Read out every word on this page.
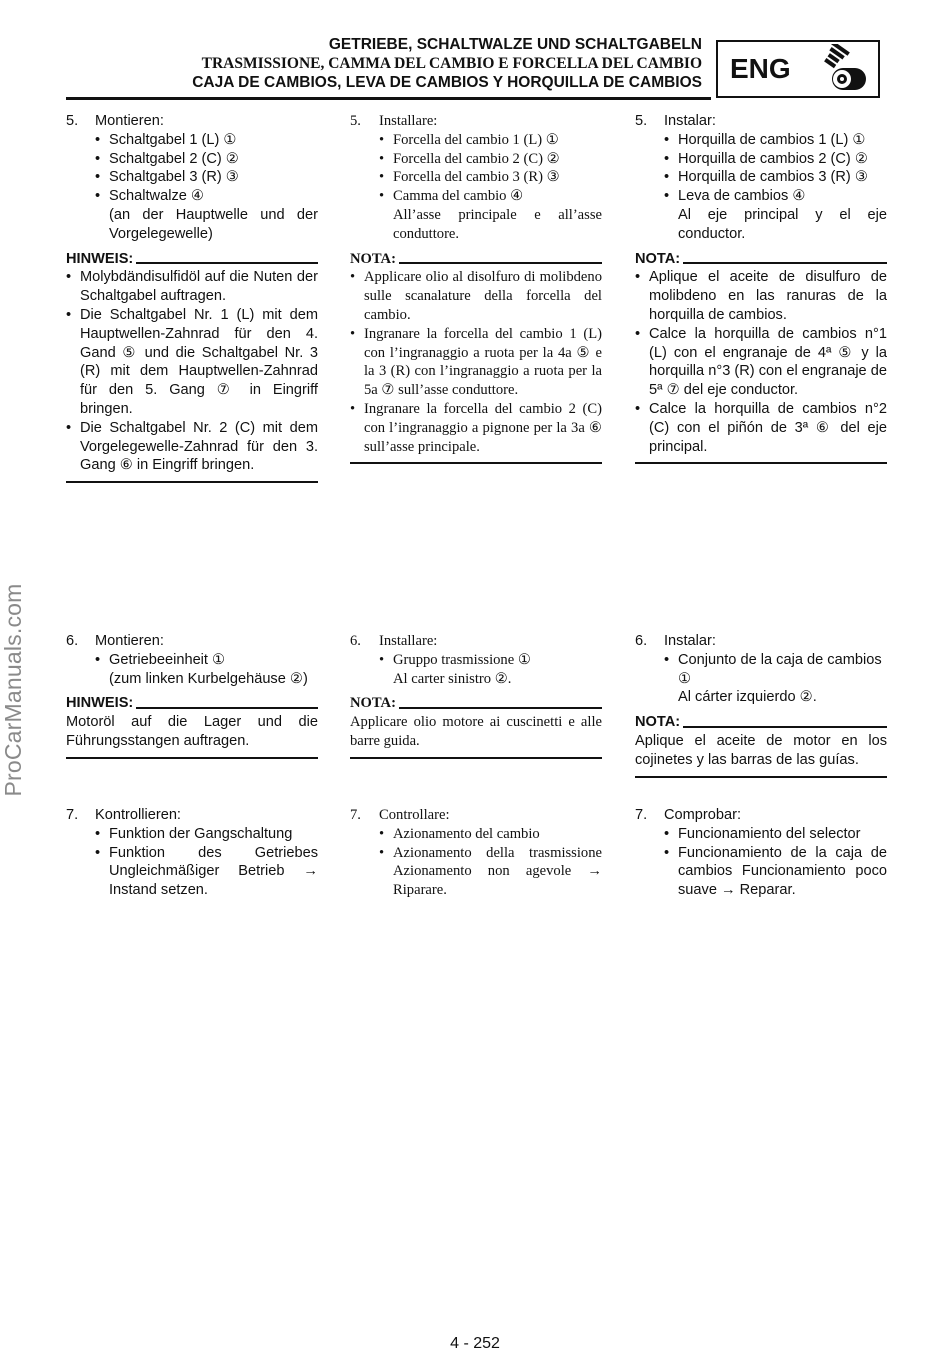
ProCarManuals.com
GETRIEBE, SCHALTWALZE UND SCHALTGABELN
TRASMISSIONE, CAMMA DEL CAMBIO E FORCELLA DEL CAMBIO
CAJA DE CAMBIOS, LEVA DE CAMBIOS Y HORQUILLA DE CAMBIOS	ENG
5.	Montieren:
• Schaltgabel 1 (L) ①
• Schaltgabel 2 (C) ②
• Schaltgabel 3 (R) ③
• Schaltwalze ④
(an der Hauptwelle und der Vorgelegewelle)
HINWEIS:
• Molybdändisulfidöl auf die Nuten der Schaltgabel auftragen.
• Die Schaltgabel Nr. 1 (L) mit dem Hauptwellen-Zahnrad für den 4. Gand ⑤ und die Schaltgabel Nr. 3 (R) mit dem Hauptwellen-Zahnrad für den 5. Gang ⑦ in Eingriff bringen.
• Die Schaltgabel Nr. 2 (C) mit dem Vorgelegewelle-Zahnrad für den 3. Gang ⑥ in Eingriff bringen.
5.	Installare:
• Forcella del cambio 1 (L) ①
• Forcella del cambio 2 (C) ②
• Forcella del cambio 3 (R) ③
• Camma del cambio ④
All’asse principale e all’asse conduttore.
NOTA:
• Applicare olio al disolfuro di molibdeno sulle scanalature della forcella del cambio.
• Ingranare la forcella del cambio 1 (L) con l’ingranaggio a ruota per la 4a ⑤ e la 3 (R) con l’ingranaggio a ruota per la 5a ⑦ sull’asse conduttore.
• Ingranare la forcella del cambio 2 (C) con l’ingranaggio a pignone per la 3a ⑥ sull’asse principale.
5.	Instalar:
• Horquilla de cambios 1 (L) ①
• Horquilla de cambios 2 (C) ②
• Horquilla de cambios 3 (R) ③
• Leva de cambios ④
Al eje principal y el eje conductor.
NOTA:
• Aplique el aceite de disulfuro de molibdeno en las ranuras de la horquilla de cambios.
• Calce la horquilla de cambios n°1 (L) con el engranaje de 4ª ⑤ y la horquilla n°3 (R) con el engranaje de 5ª ⑦ del eje conductor.
• Calce la horquilla de cambios n°2 (C) con el piñón de 3ª ⑥ del eje principal.
6.	Montieren:
• Getriebeeinheit ①
(zum linken Kurbelgehäuse ②)
HINWEIS:
Motoröl auf die Lager und die Führungsstangen auftragen.
6.	Installare:
• Gruppo trasmissione ①
Al carter sinistro ②.
NOTA:
Applicare olio motore ai cuscinetti e alle barre guida.
6.	Instalar:
• Conjunto de la caja de cambios ①
Al cárter izquierdo ②.
NOTA:
Aplique el aceite de motor en los cojinetes y las barras de las guías.
7.	Kontrollieren:
• Funktion der Gangschaltung
• Funktion des Getriebes Ungleichmäßiger Betrieb → Instand setzen.
7.	Controllare:
• Azionamento del cambio
• Azionamento della trasmissione Azionamento non agevole → Riparare.
7.	Comprobar:
• Funcionamiento del selector
• Funcionamiento de la caja de cambios Funcionamiento poco suave → Reparar.
4 - 252
